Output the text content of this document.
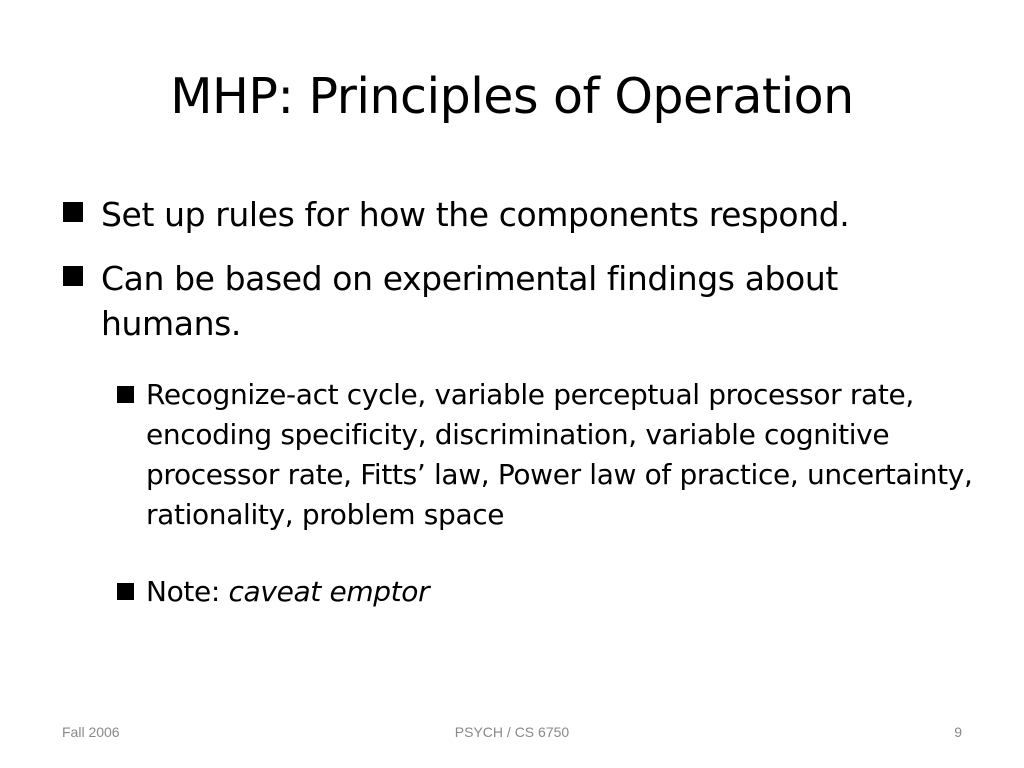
MHP: Principles of Operation
Set up rules for how the components respond.
Can be based on experimental findings about humans.
Recognize-act cycle, variable perceptual processor rate, encoding specificity, discrimination, variable cognitive processor rate, Fitts’ law, Power law of practice, uncertainty, rationality, problem space
Note: caveat emptor
Fall 2006	PSYCH / CS 6750	9
